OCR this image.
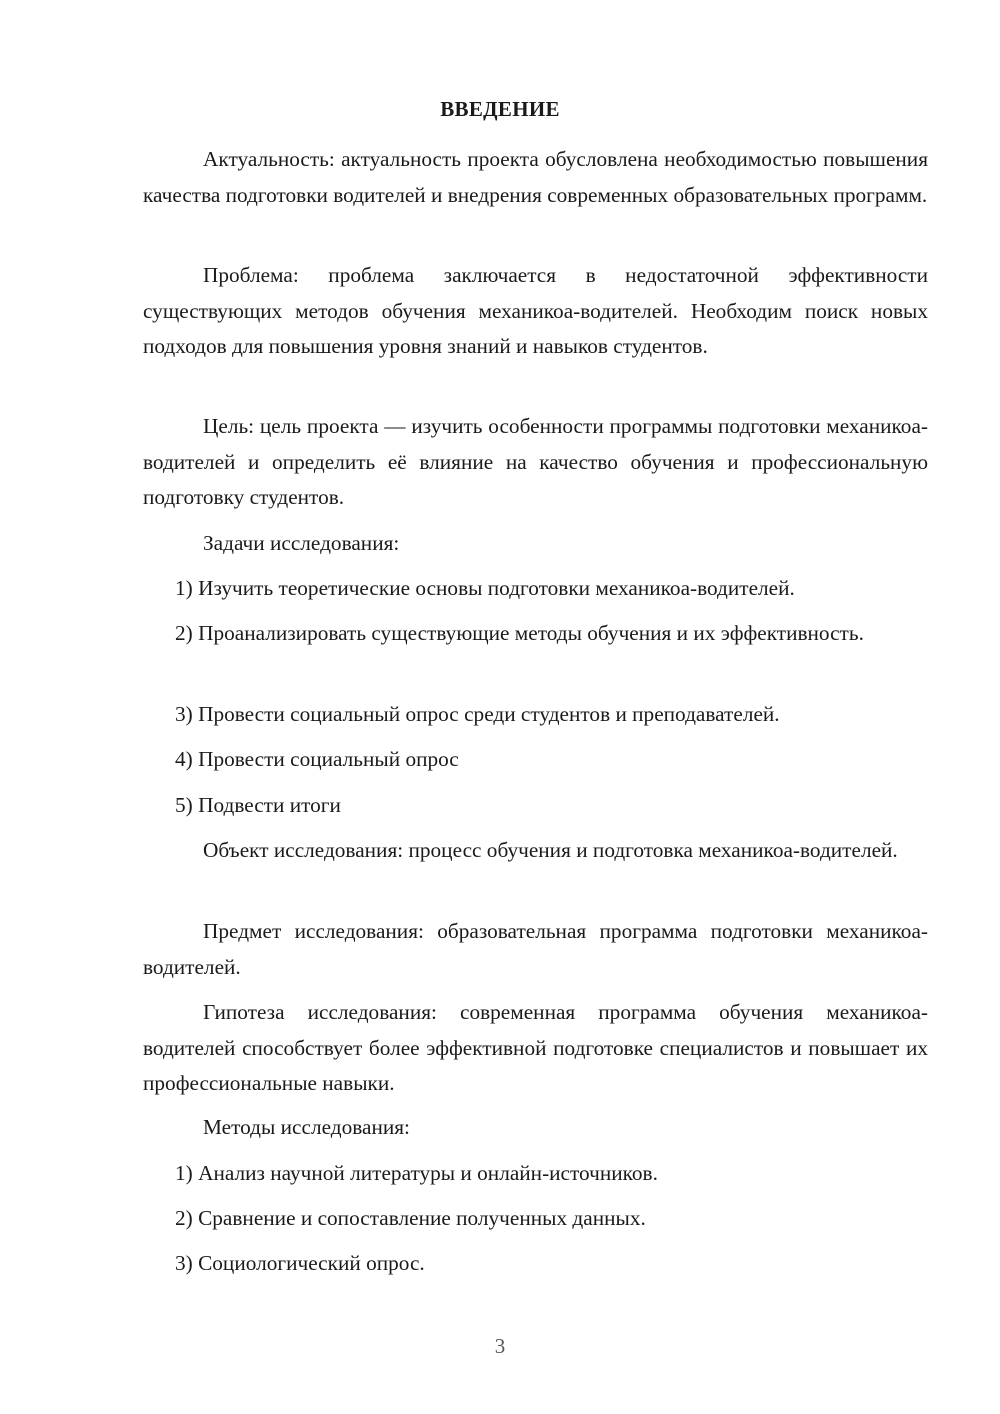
ВВЕДЕНИЕ

Актуальность: актуальность проекта обусловлена необходимостью повышения качества подготовки водителей и внедрения современных образовательных программ.

Проблема: проблема заключается в недостаточной эффективности существующих методов обучения механикоа-водителей. Необходим поиск новых подходов для повышения уровня знаний и навыков студентов.

Цель: цель проекта — изучить особенности программы подготовки механикоа-водителей и определить её влияние на качество обучения и профессиональную подготовку студентов.

Задачи исследования:

1) Изучить теоретические основы подготовки механикоа-водителей.

2) Проанализировать существующие методы обучения и их эффективность.

3) Провести социальный опрос среди студентов и преподавателей.

4) Провести социальный опрос

5) Подвести итоги

Объект исследования: процесс обучения и подготовка механикоа-водителей.

Предмет исследования: образовательная программа подготовки механикоа-водителей.

Гипотеза исследования: современная программа обучения механикоа-водителей способствует более эффективной подготовке специалистов и повышает их профессиональные навыки.

Методы исследования:

1) Анализ научной литературы и онлайн-источников.

2) Сравнение и сопоставление полученных данных.

3) Социологический опрос.

3
